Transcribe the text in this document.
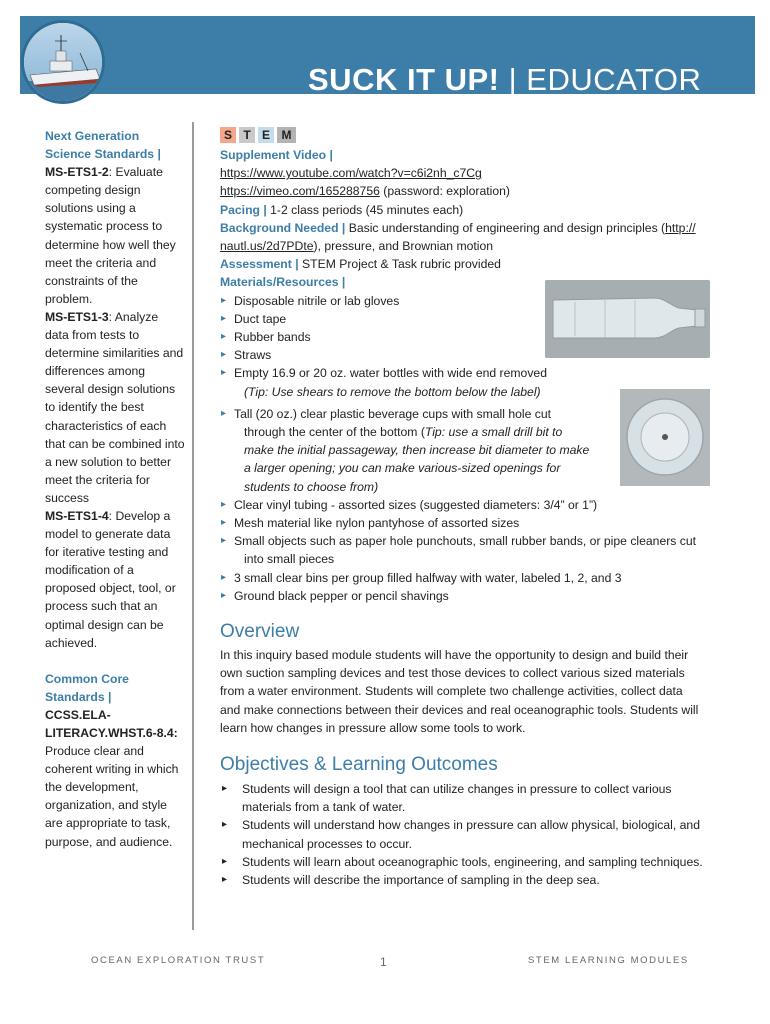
SUCK IT UP! | EDUCATOR
Next Generation Science Standards |
MS-ETS1-2: Evaluate competing design solutions using a systematic process to determine how well they meet the criteria and constraints of the problem.
MS-ETS1-3: Analyze data from tests to determine similarities and differences among several design solutions to identify the best characteristics of each that can be combined into a new solution to better meet the criteria for success
MS-ETS1-4: Develop a model to generate data for iterative testing and modification of a proposed object, tool, or process such that an optimal design can be achieved.
Common Core Standards |
CCSS.ELA-LITERACY.WHST.6-8.4: Produce clear and coherent writing in which the development, organization, and style are appropriate to task, purpose, and audience.
S T E M
Supplement Video |
https://www.youtube.com/watch?v=c6i2nh_c7Cg
https://vimeo.com/165288756 (password: exploration)
Pacing | 1-2 class periods (45 minutes each)
Background Needed | Basic understanding of engineering and design principles (http://
nautl.us/2d7PDte), pressure, and Brownian motion
Assessment | STEM Project & Task rubric provided
Materials/Resources |
▸ Disposable nitrile or lab gloves
▸ Duct tape
▸ Rubber bands
▸ Straws
▸ Empty 16.9 or 20 oz. water bottles with wide end removed
(Tip: Use shears to remove the bottom below the label)
▸ Tall (20 oz.) clear plastic beverage cups with small hole cut
through the center of the bottom (Tip: use a small drill bit to
make the initial passageway, then increase bit diameter to make
a larger opening; you can make various-sized openings for
students to choose from)
▸ Clear vinyl tubing - assorted sizes (suggested diameters: 3/4” or 1”)
▸ Mesh material like nylon pantyhose of assorted sizes
▸ Small objects such as paper hole punchouts, small rubber bands, or pipe cleaners cut
into small pieces
▸ 3 small clear bins per group filled halfway with water, labeled 1, 2, and 3
▸ Ground black pepper or pencil shavings
Overview
In this inquiry based module students will have the opportunity to design and build their
own suction sampling devices and test those devices to collect various sized materials
from a water environment. Students will complete two challenge activities, collect data
and make connections between their devices and real oceanographic tools. Students will
learn how changes in pressure allow some tools to work.
Objectives & Learning Outcomes
▸ Students will design a tool that can utilize changes in pressure to collect various
materials from a tank of water.
▸ Students will understand how changes in pressure can allow physical, biological, and
mechanical processes to occur.
▸ Students will learn about oceanographic tools, engineering, and sampling techniques.
▸ Students will describe the importance of sampling in the deep sea.
OCEAN EXPLORATION TRUST	1	STEM LEARNING MODULES
